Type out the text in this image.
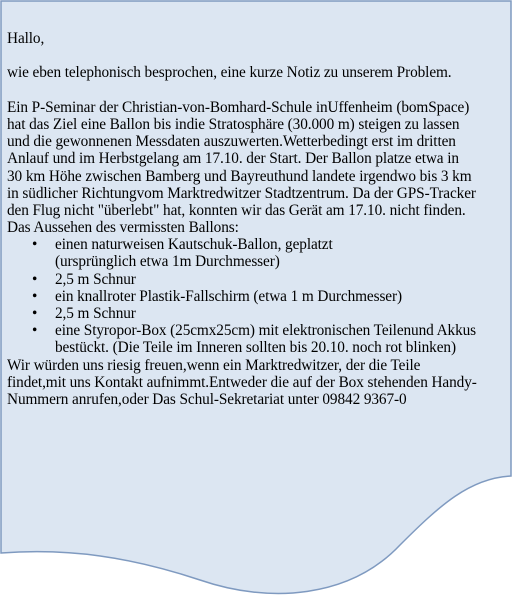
Hallo,
wie eben telephonisch besprochen, eine kurze Notiz zu unserem Problem.
Ein P-Seminar der Christian-von-Bomhard-Schule inUffenheim (bomSpace)
hat das Ziel eine Ballon bis indie Stratosphäre (30.000 m) steigen zu lassen
und die gewonnenen Messdaten auszuwerten.Wetterbedingt erst im dritten
Anlauf und im Herbstgelang am 17.10. der Start. Der Ballon platze etwa in
30 km Höhe zwischen Bamberg und Bayreuthund landete irgendwo bis 3 km
in südlicher Richtungvom Marktredwitzer Stadtzentrum. Da der GPS-Tracker
den Flug nicht "überlebt" hat, konnten wir das Gerät am 17.10. nicht finden.
Das Aussehen des vermissten Ballons:
• einen naturweisen Kautschuk-Ballon, geplatzt
(ursprünglich etwa 1m Durchmesser)
• 2,5 m Schnur
• ein knallroter Plastik-Fallschirm (etwa 1 m Durchmesser)
• 2,5 m Schnur
• eine Styropor-Box (25cmx25cm) mit elektronischen Teilenund Akkus
bestückt. (Die Teile im Inneren sollten bis 20.10. noch rot blinken)
Wir würden uns riesig freuen,wenn ein Marktredwitzer, der die Teile
findet,mit uns Kontakt aufnimmt.Entweder die auf der Box stehenden Handy-
Nummern anrufen,oder Das Schul-Sekretariat unter 09842 9367-0
